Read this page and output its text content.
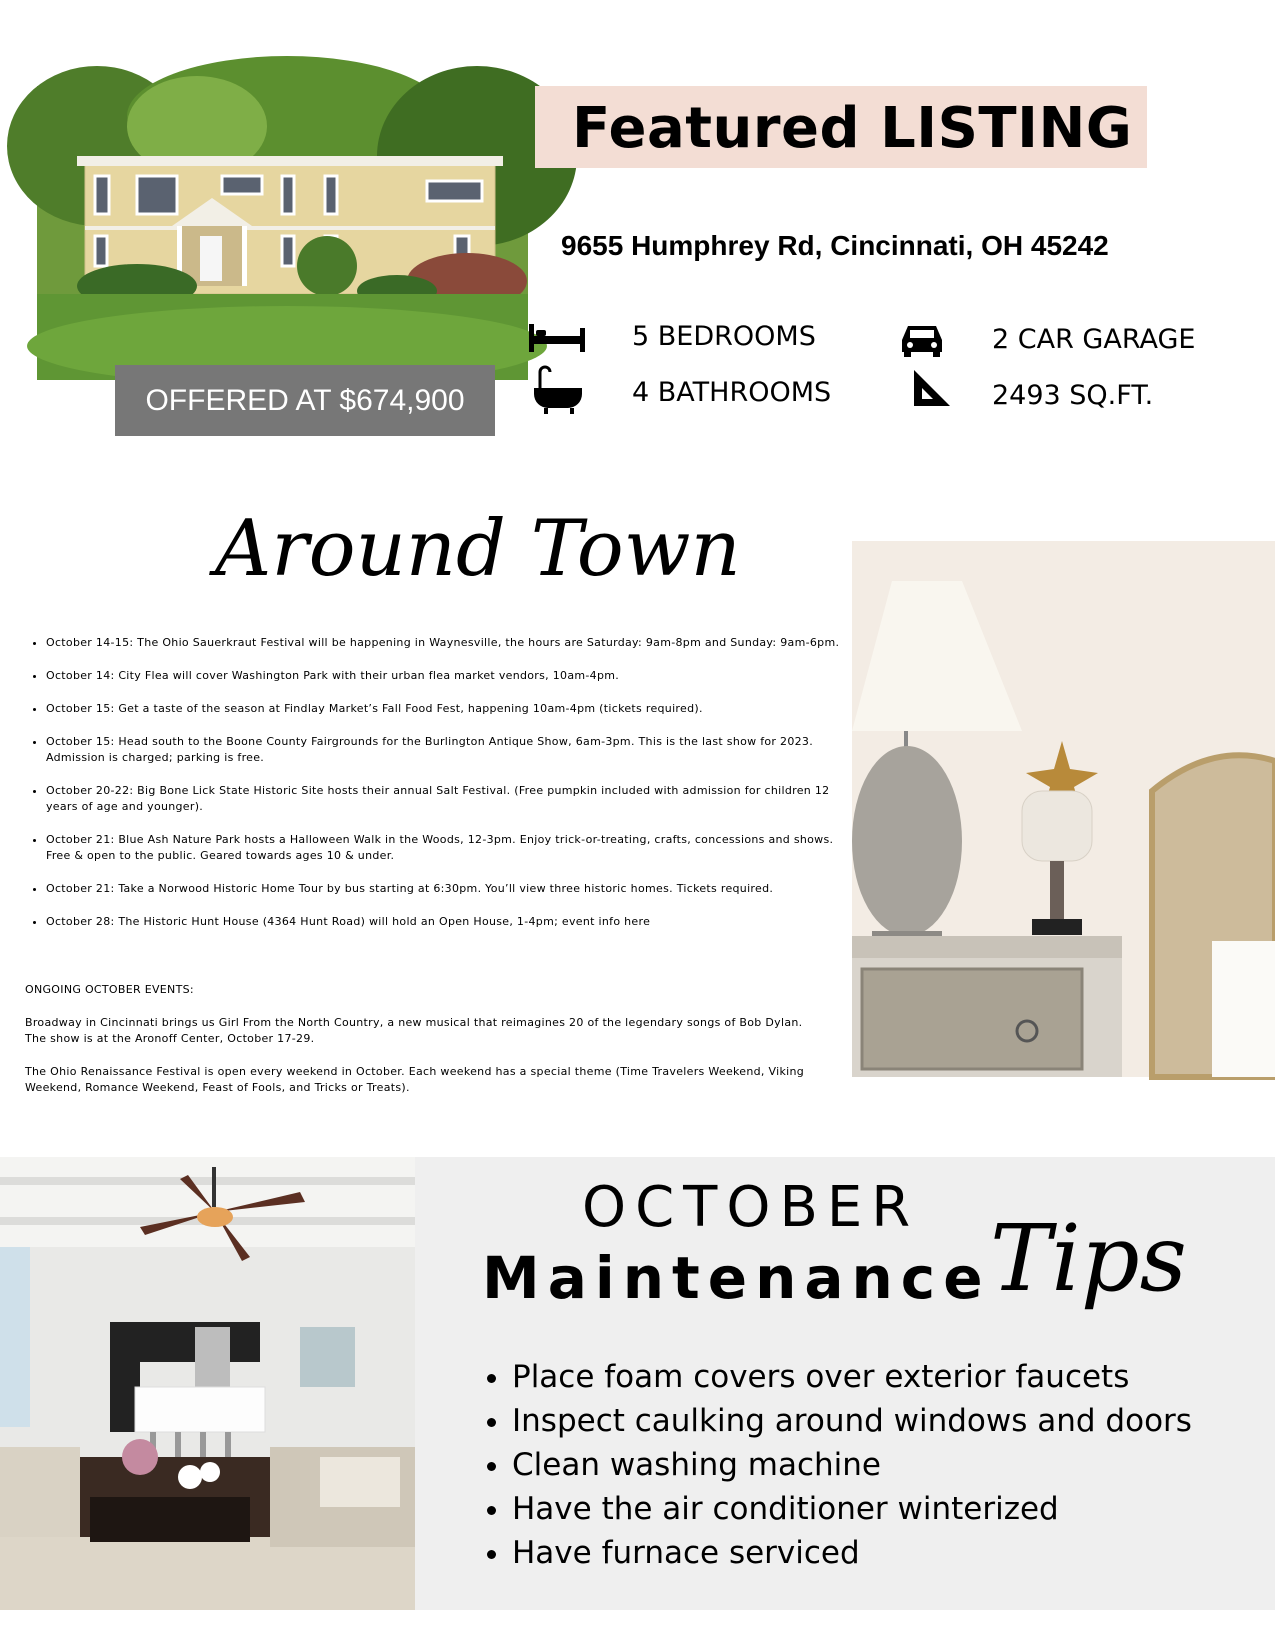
OFFERED AT $674,900
Featured LISTING
9655 Humphrey Rd, Cincinnati, OH 45242
5 BEDROOMS
4 BATHROOMS
2 CAR GARAGE
2493 SQ.FT.
Around Town
• October 14-15: The Ohio Sauerkraut Festival will be happening in Waynesville, the hours are Saturday: 9am-8pm and Sunday: 9am-6pm.
• October 14: City Flea will cover Washington Park with their urban flea market vendors, 10am-4pm.
• October 15: Get a taste of the season at Findlay Market’s Fall Food Fest, happening 10am-4pm (tickets required).
• October 15: Head south to the Boone County Fairgrounds for the Burlington Antique Show, 6am-3pm. This is the last show for 2023. Admission is charged; parking is free.
• October 20-22: Big Bone Lick State Historic Site hosts their annual Salt Festival. (Free pumpkin included with admission for children 12 years of age and younger).
• October 21: Blue Ash Nature Park hosts a Halloween Walk in the Woods, 12-3pm. Enjoy trick-or-treating, crafts, concessions and shows. Free & open to the public. Geared towards ages 10 & under.
• October 21: Take a Norwood Historic Home Tour by bus starting at 6:30pm. You’ll view three historic homes. Tickets required.
• October 28: The Historic Hunt House (4364 Hunt Road) will hold an Open House, 1-4pm; event info here
ONGOING OCTOBER EVENTS:
Broadway in Cincinnati brings us Girl From the North Country, a new musical that reimagines 20 of the legendary songs of Bob Dylan. The show is at the Aronoff Center, October 17-29.
The Ohio Renaissance Festival is open every weekend in October. Each weekend has a special theme (Time Travelers Weekend, Viking Weekend, Romance Weekend, Feast of Fools, and Tricks or Treats).
OCTOBER
Maintenance Tips
• Place foam covers over exterior faucets
• Inspect caulking around windows and doors
• Clean washing machine
• Have the air conditioner winterized
• Have furnace serviced
